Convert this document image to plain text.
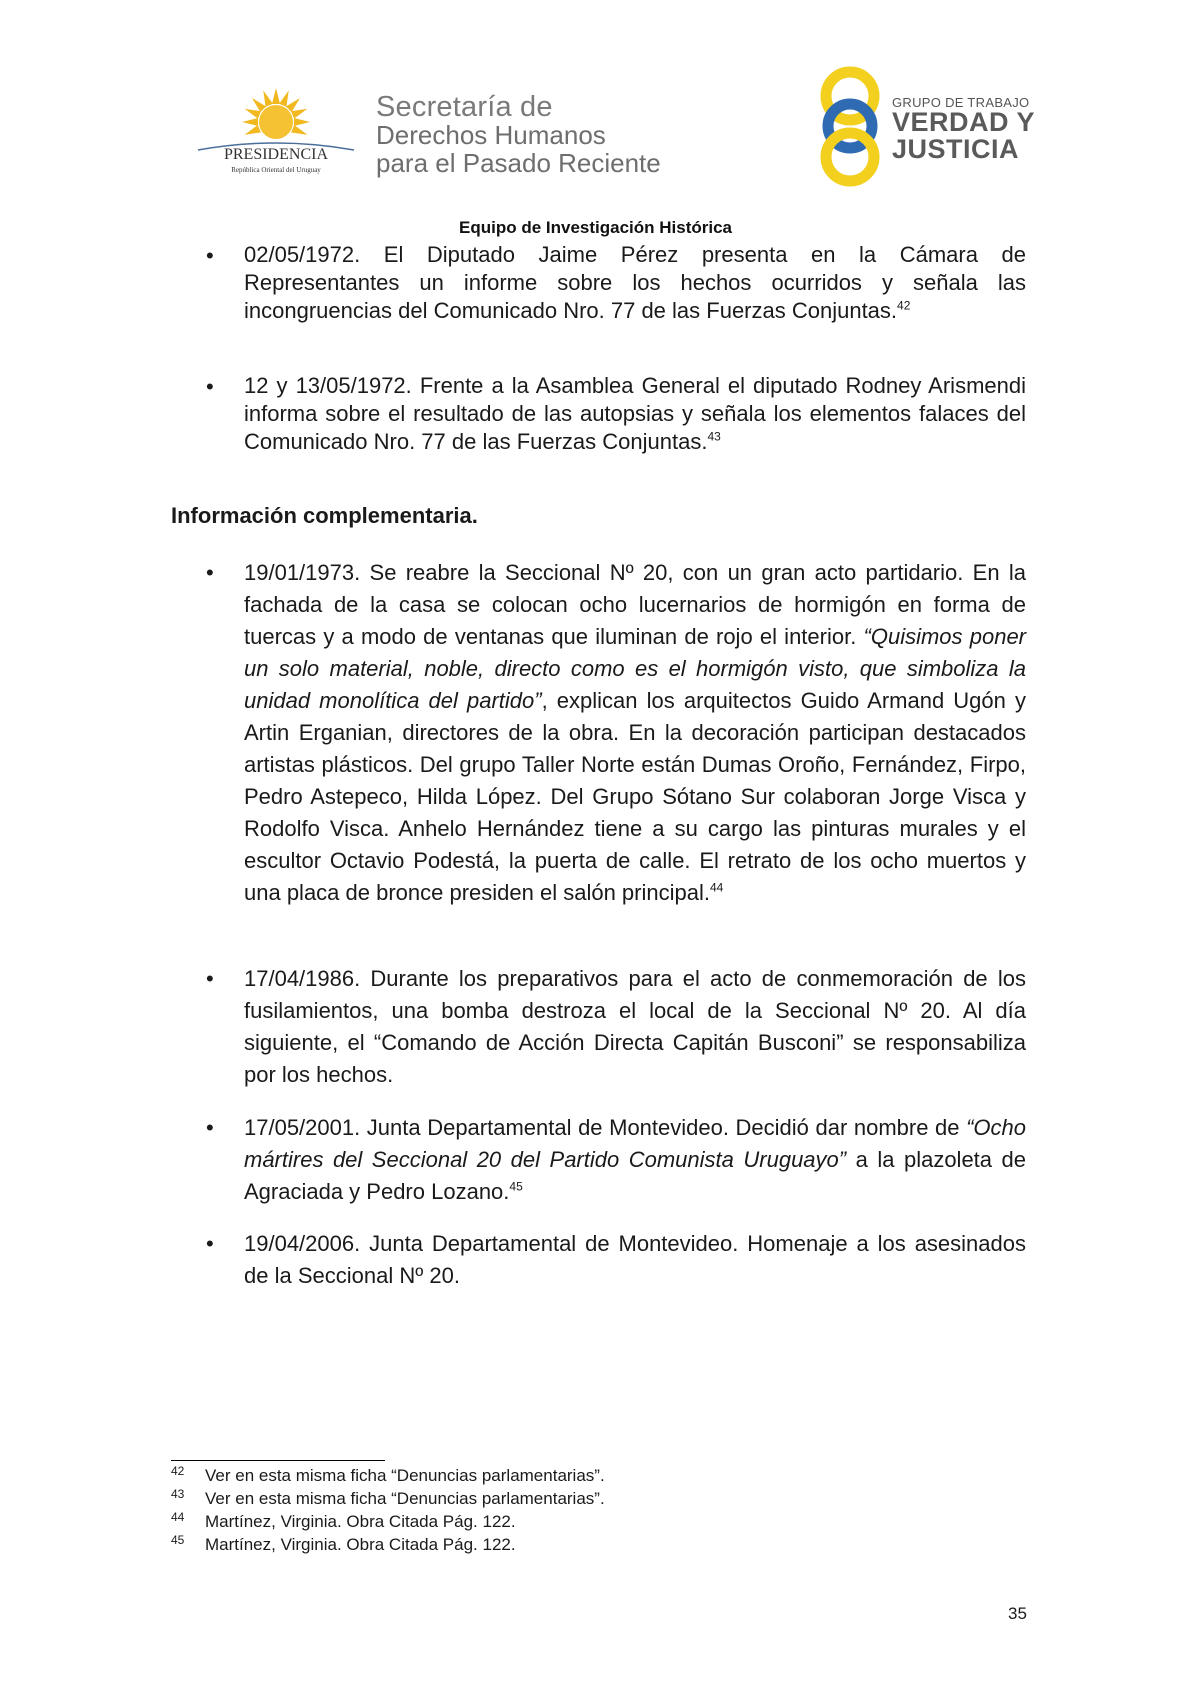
PRESIDENCIA
República Oriental del Uruguay
Secretaría de
Derechos Humanos
para el Pasado Reciente
GRUPO DE TRABAJO
VERDAD Y
JUSTICIA
Equipo de Investigación Histórica
• 02/05/1972. El Diputado Jaime Pérez presenta en la Cámara de Representantes un informe sobre los hechos ocurridos y señala las incongruencias del Comunicado Nro. 77 de las Fuerzas Conjuntas.$^{42}$
• 12 y 13/05/1972. Frente a la Asamblea General el diputado Rodney Arismendi informa sobre el resultado de las autopsias y señala los elementos falaces del Comunicado Nro. 77 de las Fuerzas Conjuntas.$^{43}$
Información complementaria.
• 19/01/1973. Se reabre la Seccional Nº 20, con un gran acto partidario. En la fachada de la casa se colocan ocho lucernarios de hormigón en forma de tuercas y a modo de ventanas que iluminan de rojo el interior. “Quisimos poner un solo material, noble, directo como es el hormigón visto, que simboliza la unidad monolítica del partido”, explican los arquitectos Guido Armand Ugón y Artin Erganian, directores de la obra. En la decoración participan destacados artistas plásticos. Del grupo Taller Norte están Dumas Oroño, Fernández, Firpo, Pedro Astepeco, Hilda López. Del Grupo Sótano Sur colaboran Jorge Visca y Rodolfo Visca. Anhelo Hernández tiene a su cargo las pinturas murales y el escultor Octavio Podestá, la puerta de calle. El retrato de los ocho muertos y una placa de bronce presiden el salón principal.$^{44}$
• 17/04/1986. Durante los preparativos para el acto de conmemoración de los fusilamientos, una bomba destroza el local de la Seccional Nº 20. Al día siguiente, el “Comando de Acción Directa Capitán Busconi” se responsabiliza por los hechos.
• 17/05/2001. Junta Departamental de Montevideo. Decidió dar nombre de “Ocho mártires del Seccional 20 del Partido Comunista Uruguayo” a la plazoleta de Agraciada y Pedro Lozano.$^{45}$
• 19/04/2006. Junta Departamental de Montevideo. Homenaje a los asesinados de la Seccional Nº 20.
42 Ver en esta misma ficha “Denuncias parlamentarias”.
43 Ver en esta misma ficha “Denuncias parlamentarias”.
44 Martínez, Virginia. Obra Citada Pág. 122.
45 Martínez, Virginia. Obra Citada Pág. 122.
35
